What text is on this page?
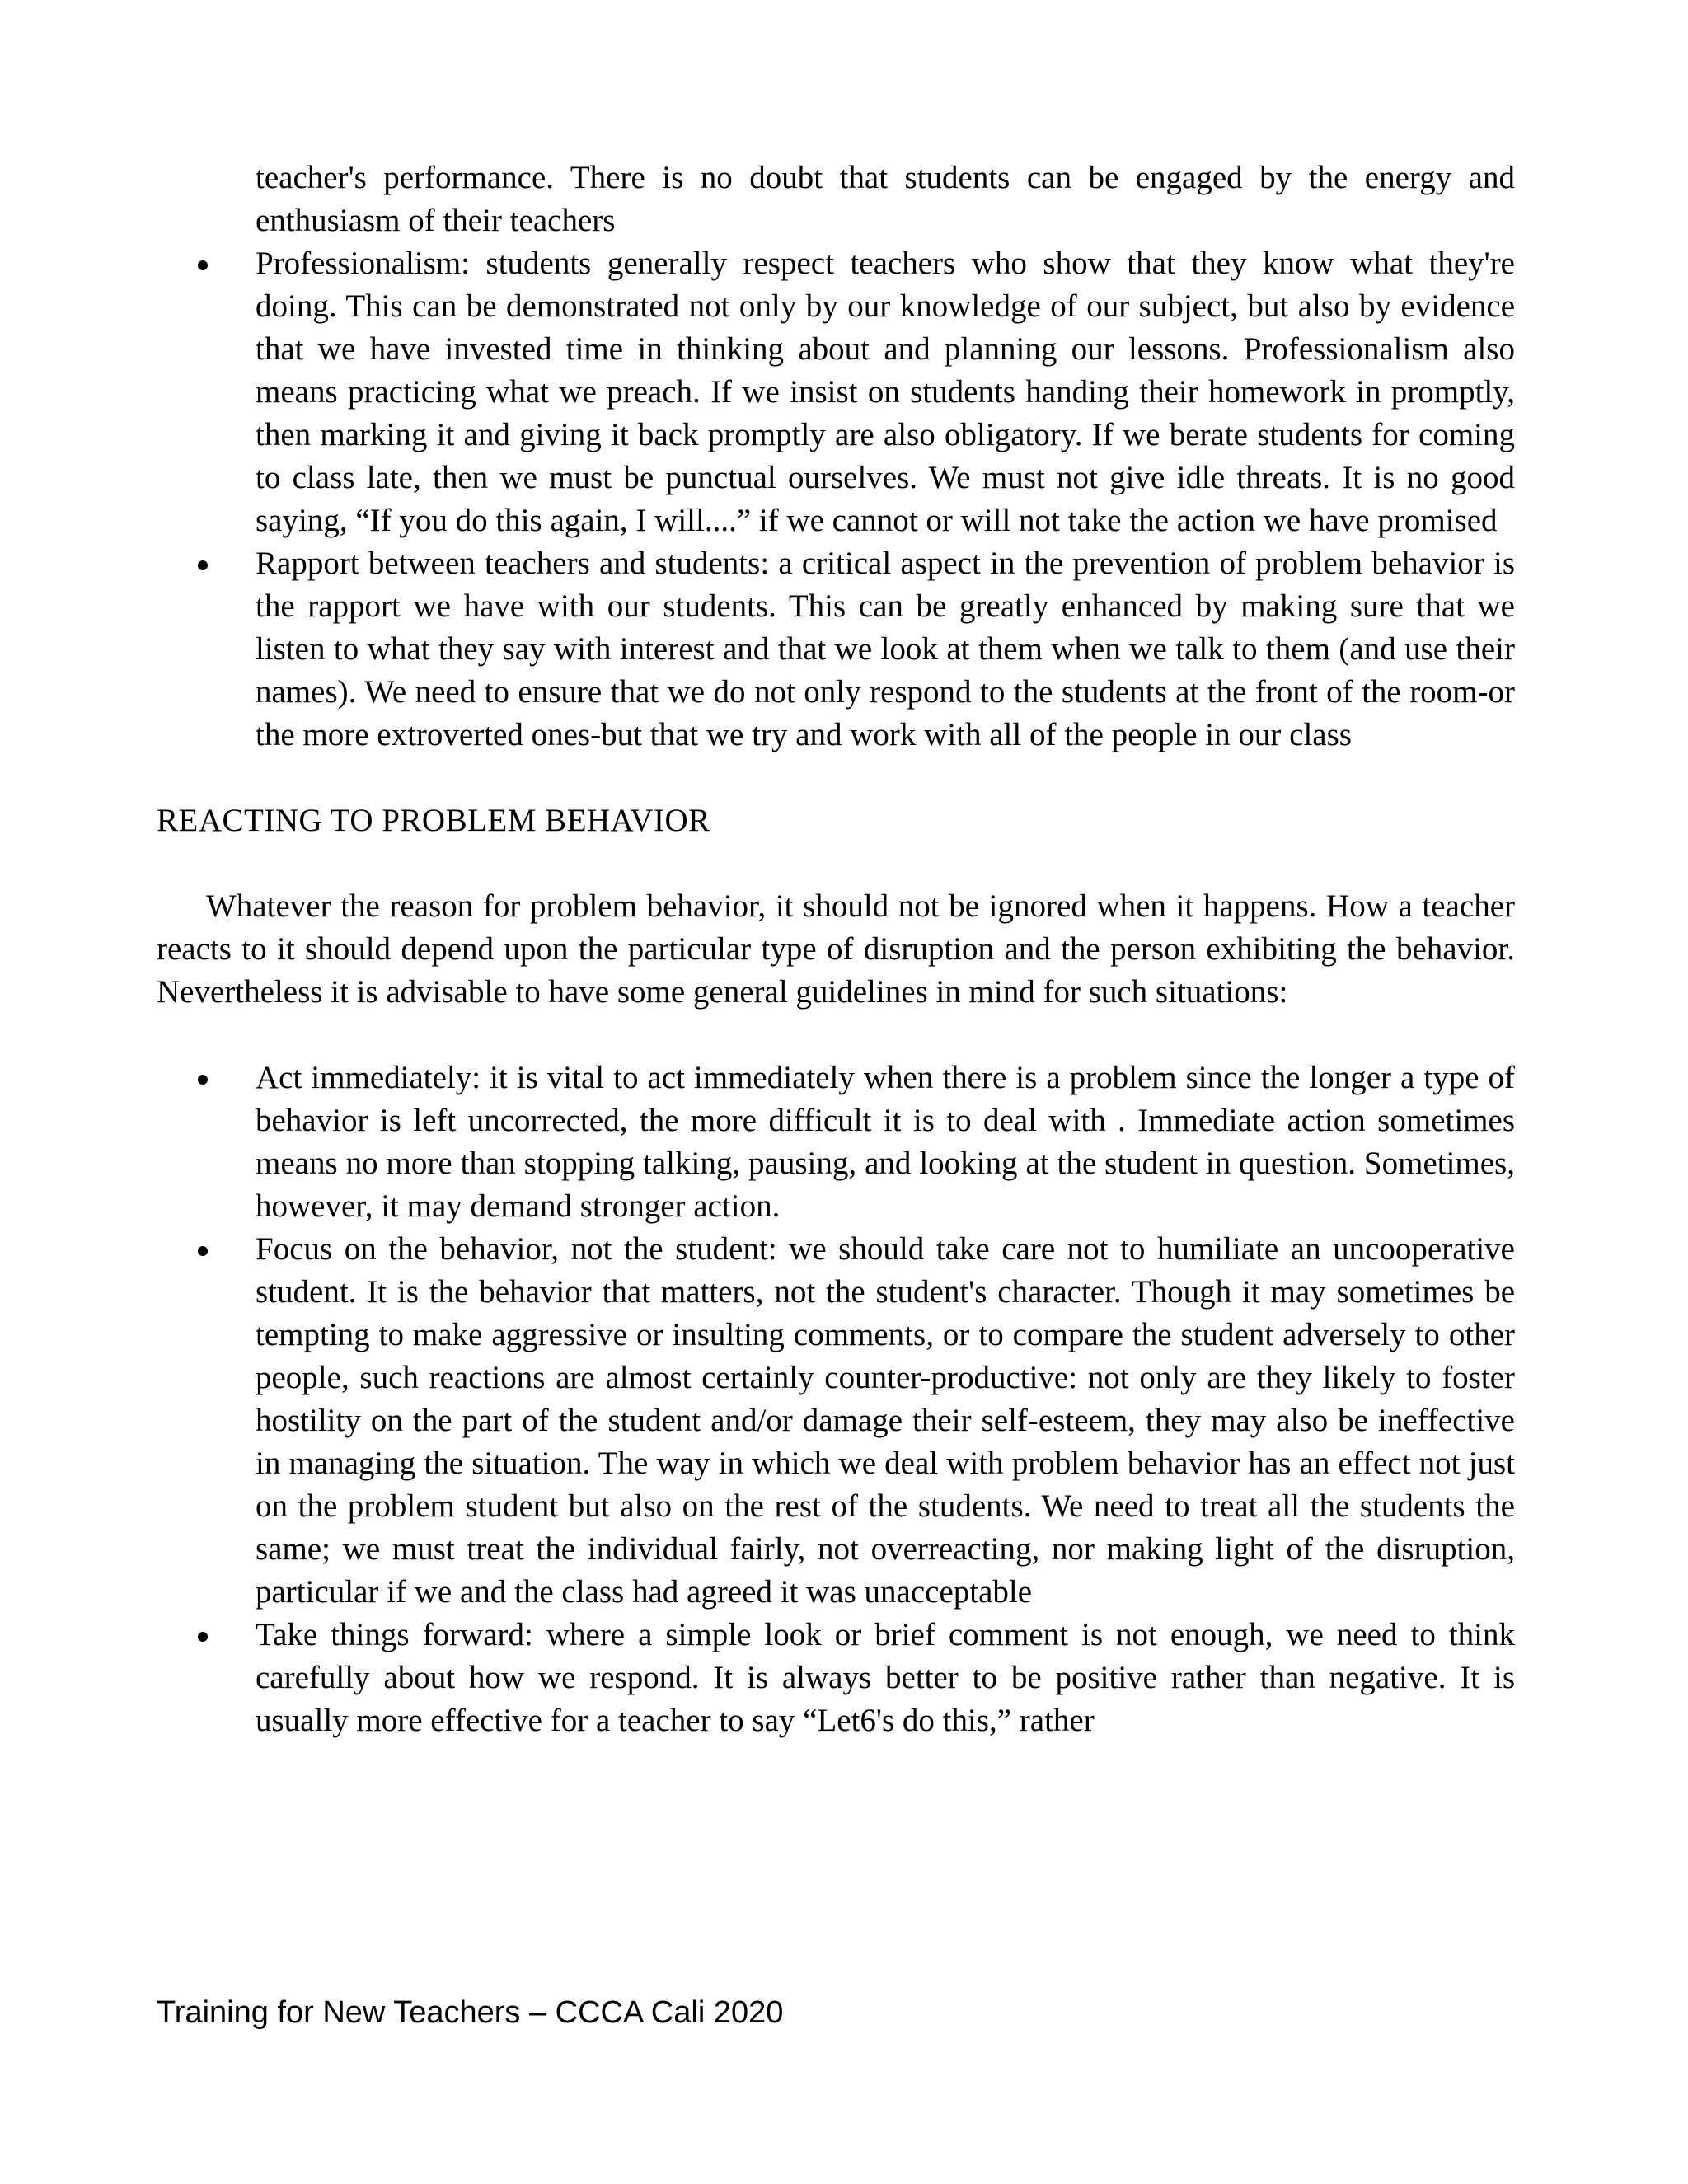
teacher's performance. There is no doubt that students can be engaged by the energy and enthusiasm of their teachers

Professionalism: students generally respect teachers who show that they know what they're doing. This can be demonstrated not only by our knowledge of our subject, but also by evidence that we have invested time in thinking about and planning our lessons. Professionalism also means practicing what we preach. If we insist on students handing their homework in promptly, then marking it and giving it back promptly are also obligatory. If we berate students for coming to class late, then we must be punctual ourselves. We must not give idle threats. It is no good saying, “If you do this again, I will....” if we cannot or will not take the action we have promised
Rapport between teachers and students: a critical aspect in the prevention of problem behavior is the rapport we have with our students. This can be greatly enhanced by making sure that we listen to what they say with interest and that we look at them when we talk to them (and use their names). We need to ensure that we do not only respond to the students at the front of the room-or the more extroverted ones-but that we try and work with all of the people in our class

REACTING TO PROBLEM BEHAVIOR

Whatever the reason for problem behavior, it should not be ignored when it happens. How a teacher reacts to it should depend upon the particular type of disruption and the person exhibiting the behavior. Nevertheless it is advisable to have some general guidelines in mind for such situations:

Act immediately: it is vital to act immediately when there is a problem since the longer a type of behavior is left uncorrected, the more difficult it is to deal with . Immediate action sometimes means no more than stopping talking, pausing, and looking at the student in question. Sometimes, however, it may demand stronger action.
Focus on the behavior, not the student: we should take care not to humiliate an uncooperative student. It is the behavior that matters, not the student's character. Though it may sometimes be tempting to make aggressive or insulting comments, or to compare the student adversely to other people, such reactions are almost certainly counter-productive: not only are they likely to foster hostility on the part of the student and/or damage their self-esteem, they may also be ineffective in managing the situation. The way in which we deal with problem behavior has an effect not just on the problem student but also on the rest of the students. We need to treat all the students the same; we must treat the individual fairly, not overreacting, nor making light of the disruption, particular if we and the class had agreed it was unacceptable
Take things forward: where a simple look or brief comment is not enough, we need to think carefully about how we respond. It is always better to be positive rather than negative. It is usually more effective for a teacher to say “Let6's do this,” rather
Training for New Teachers – CCCA Cali 2020
